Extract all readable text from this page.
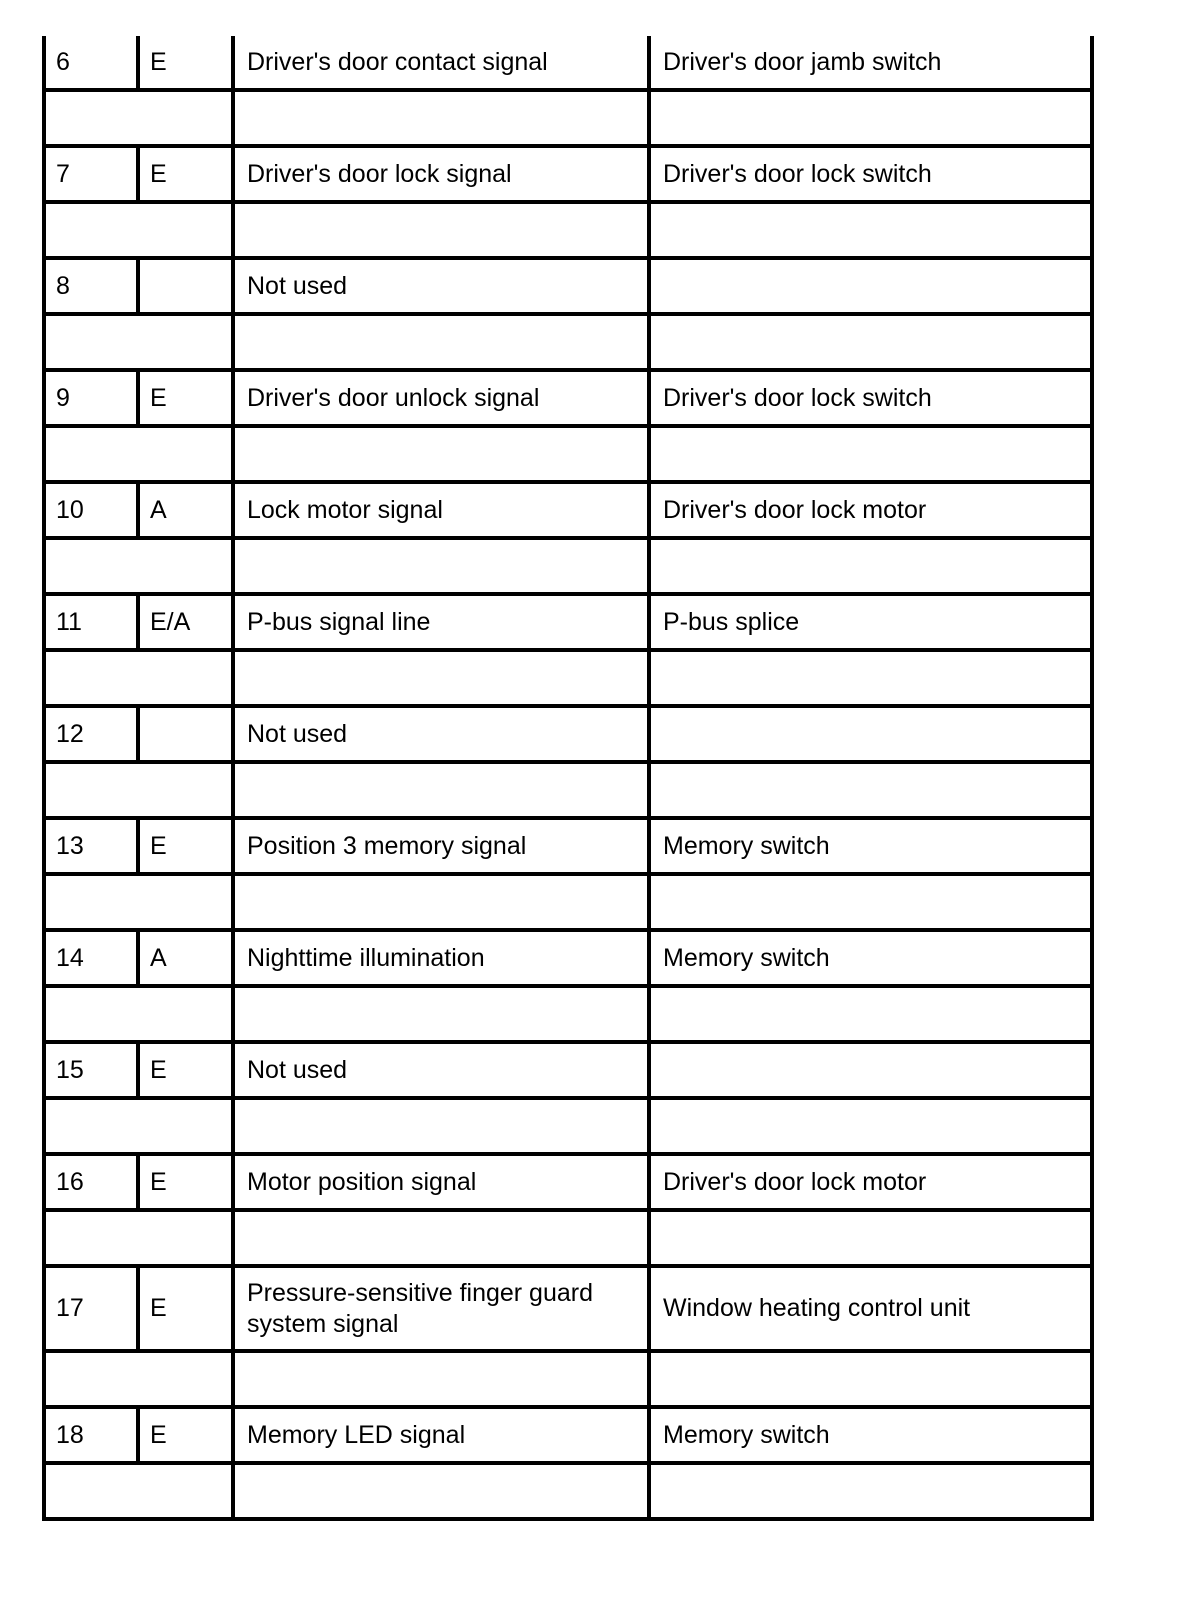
6	E	Driver's door contact signal	Driver's door jamb switch

7	E	Driver's door lock signal	Driver's door lock switch

8		Not used	

9	E	Driver's door unlock signal	Driver's door lock switch

10	A	Lock motor signal	Driver's door lock motor

11	E/A	P-bus signal line	P-bus splice

12		Not used	

13	E	Position 3 memory signal	Memory switch

14	A	Nighttime illumination	Memory switch

15	E	Not used	

16	E	Motor position signal	Driver's door lock motor

17	E	Pressure-sensitive finger guard system signal	Window heating control unit

18	E	Memory LED signal	Memory switch
